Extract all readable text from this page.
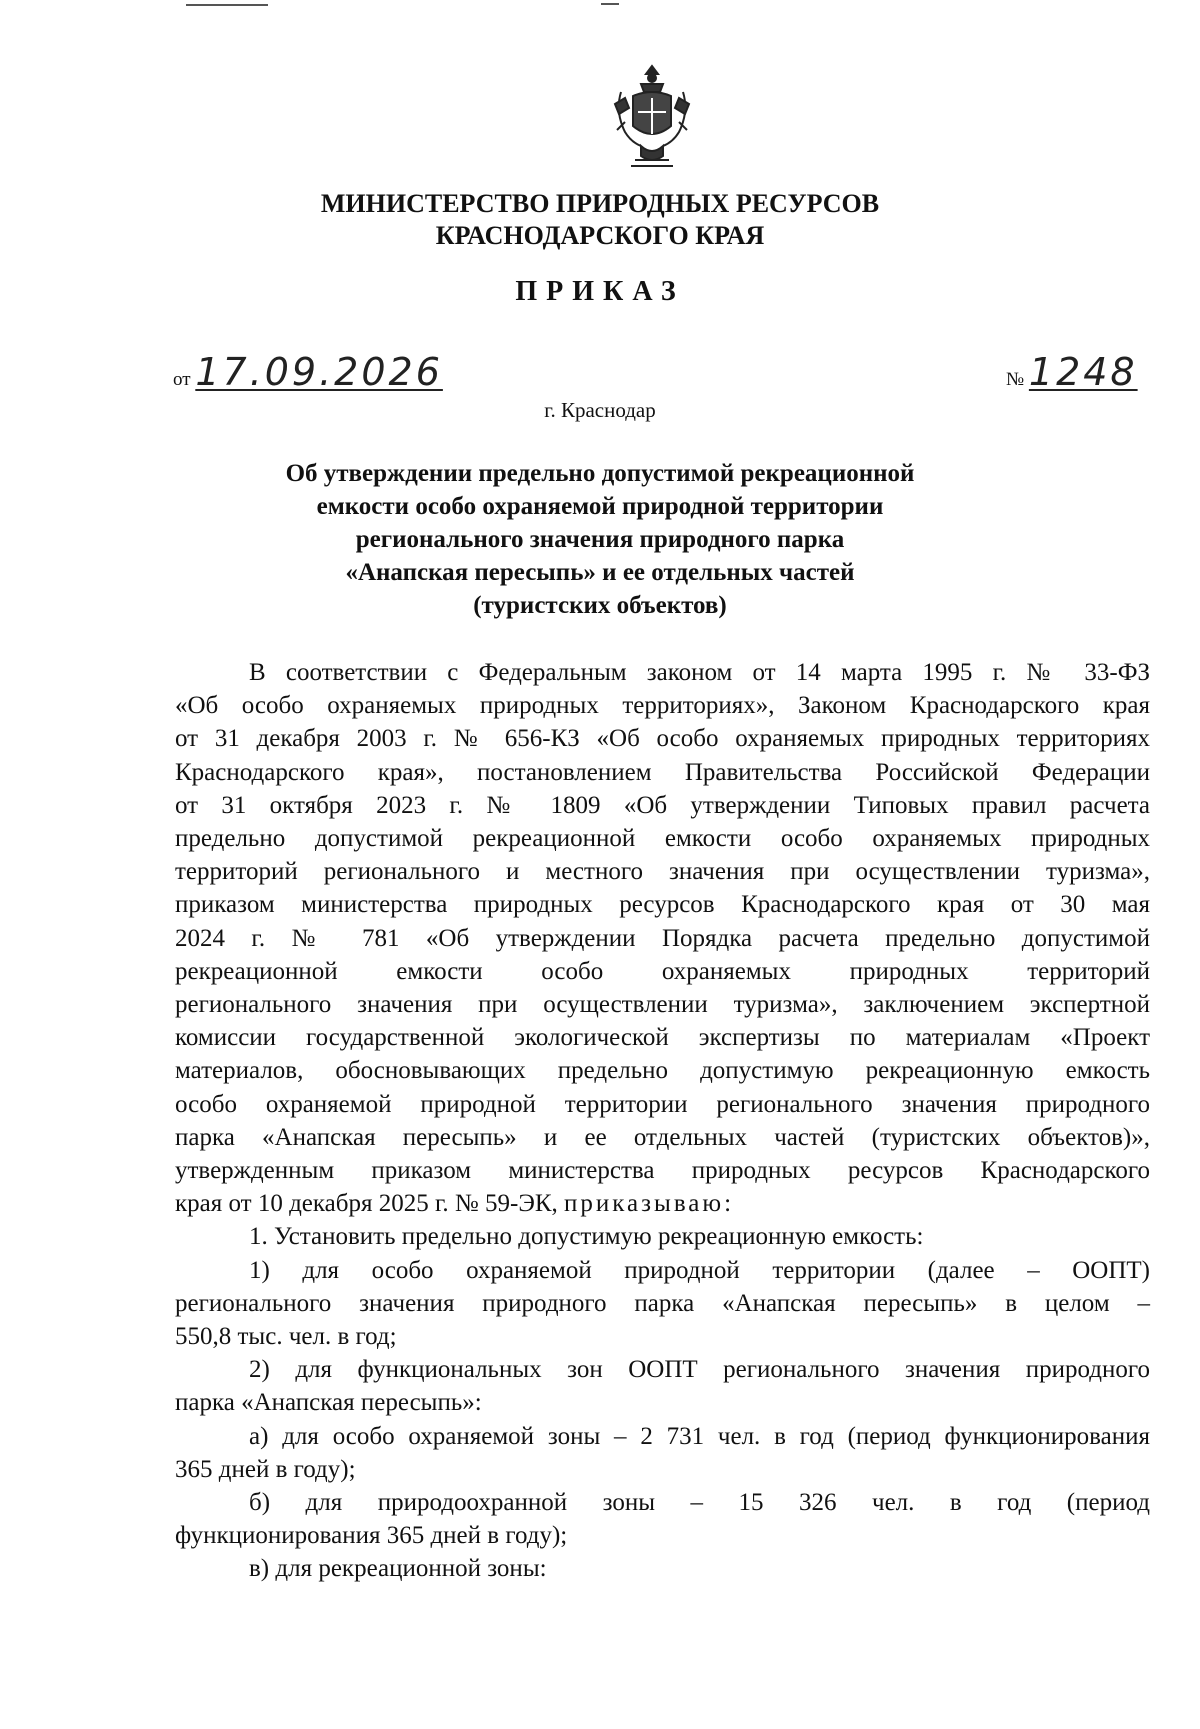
МИНИСТЕРСТВО ПРИРОДНЫХ РЕСУРСОВ
КРАСНОДАРСКОГО КРАЯ
ПРИКАЗ
от 17.09.2026	№ 1248
г. Краснодар
Об утверждении предельно допустимой рекреационной
емкости особо охраняемой природной территории
регионального значения природного парка
«Анапская пересыпь» и ее отдельных частей
(туристских объектов)
В соответствии с Федеральным законом от 14 марта 1995 г. № 33-ФЗ
«Об особо охраняемых природных территориях», Законом Краснодарского края
от 31 декабря 2003 г. № 656-КЗ «Об особо охраняемых природных территориях
Краснодарского края», постановлением Правительства Российской Федерации
от 31 октября 2023 г. № 1809 «Об утверждении Типовых правил расчета
предельно допустимой рекреационной емкости особо охраняемых природных
территорий регионального и местного значения при осуществлении туризма»,
приказом министерства природных ресурсов Краснодарского края от 30 мая
2024 г. № 781 «Об утверждении Порядка расчета предельно допустимой
рекреационной емкости особо охраняемых природных территорий
регионального значения при осуществлении туризма», заключением экспертной
комиссии государственной экологической экспертизы по материалам «Проект
материалов, обосновывающих предельно допустимую рекреационную емкость
особо охраняемой природной территории регионального значения природного
парка «Анапская пересыпь» и ее отдельных частей (туристских объектов)»,
утвержденным приказом министерства природных ресурсов Краснодарского
края от 10 декабря 2025 г. № 59-ЭК, приказываю:
1. Установить предельно допустимую рекреационную емкость:
1) для особо охраняемой природной территории (далее – ООПТ)
регионального значения природного парка «Анапская пересыпь» в целом –
550,8 тыс. чел. в год;
2) для функциональных зон ООПТ регионального значения природного
парка «Анапская пересыпь»:
а) для особо охраняемой зоны – 2 731 чел. в год (период функционирования
365 дней в году);
б) для природоохранной зоны – 15 326 чел. в год (период
функционирования 365 дней в году);
в) для рекреационной зоны:
